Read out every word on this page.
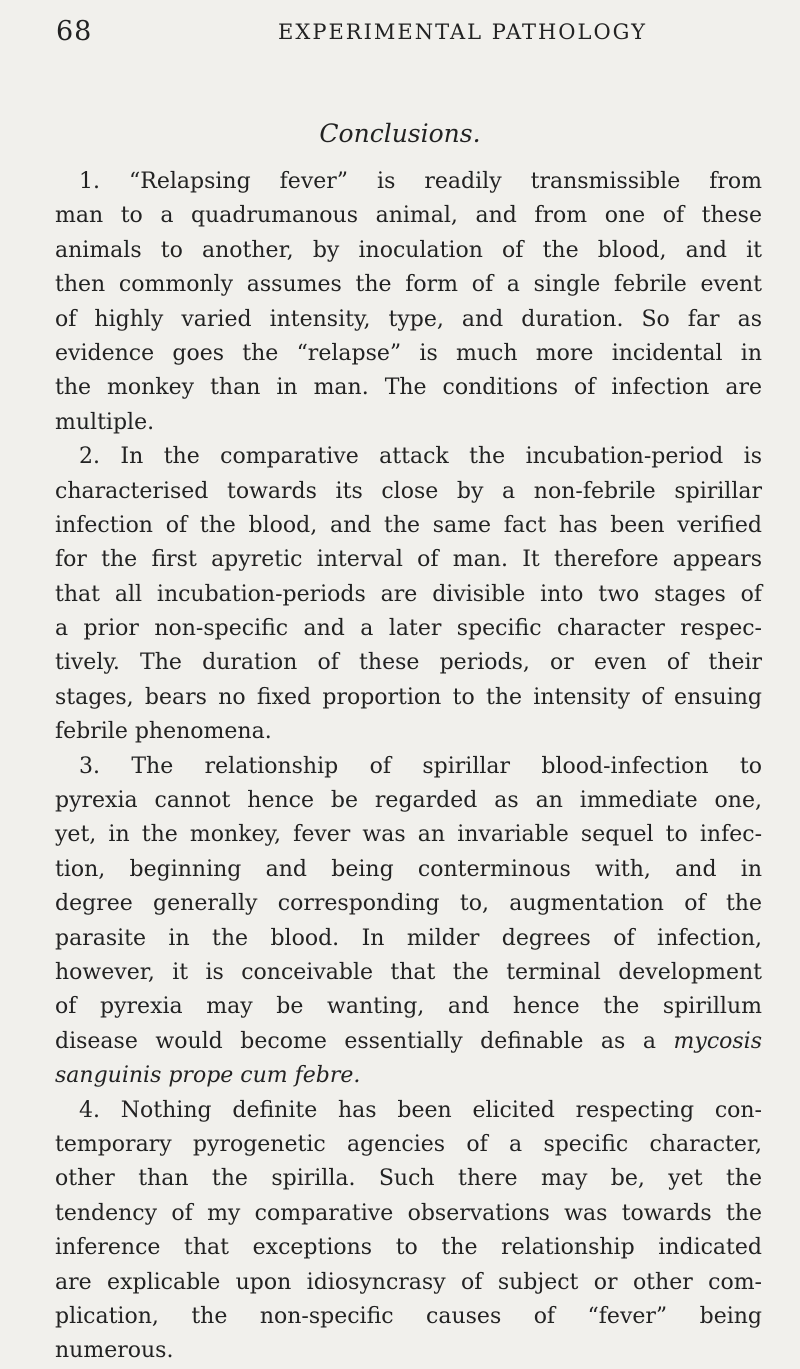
68	EXPERIMENTAL PATHOLOGY
Conclusions.
1. “Relapsing fever” is readily transmissible from
man to a quadrumanous animal, and from one of these
animals to another, by inoculation of the blood, and it
then commonly assumes the form of a single febrile event
of highly varied intensity, type, and duration. So far as
evidence goes the “relapse” is much more incidental in
the monkey than in man. The conditions of infection are
multiple.
2. In the comparative attack the incubation-period is
characterised towards its close by a non-febrile spirillar
infection of the blood, and the same fact has been verified
for the first apyretic interval of man. It therefore appears
that all incubation-periods are divisible into two stages of
a prior non-specific and a later specific character respec-
tively. The duration of these periods, or even of their
stages, bears no fixed proportion to the intensity of ensuing
febrile phenomena.
3. The relationship of spirillar blood-infection to
pyrexia cannot hence be regarded as an immediate one,
yet, in the monkey, fever was an invariable sequel to infec-
tion, beginning and being conterminous with, and in
degree generally corresponding to, augmentation of the
parasite in the blood. In milder degrees of infection,
however, it is conceivable that the terminal development
of pyrexia may be wanting, and hence the spirillum
disease would become essentially definable as a mycosis
sanguinis prope cum febre.
4. Nothing definite has been elicited respecting con-
temporary pyrogenetic agencies of a specific character,
other than the spirilla. Such there may be, yet the
tendency of my comparative observations was towards the
inference that exceptions to the relationship indicated
are explicable upon idiosyncrasy of subject or other com-
plication, the non-specific causes of “fever” being
numerous.
